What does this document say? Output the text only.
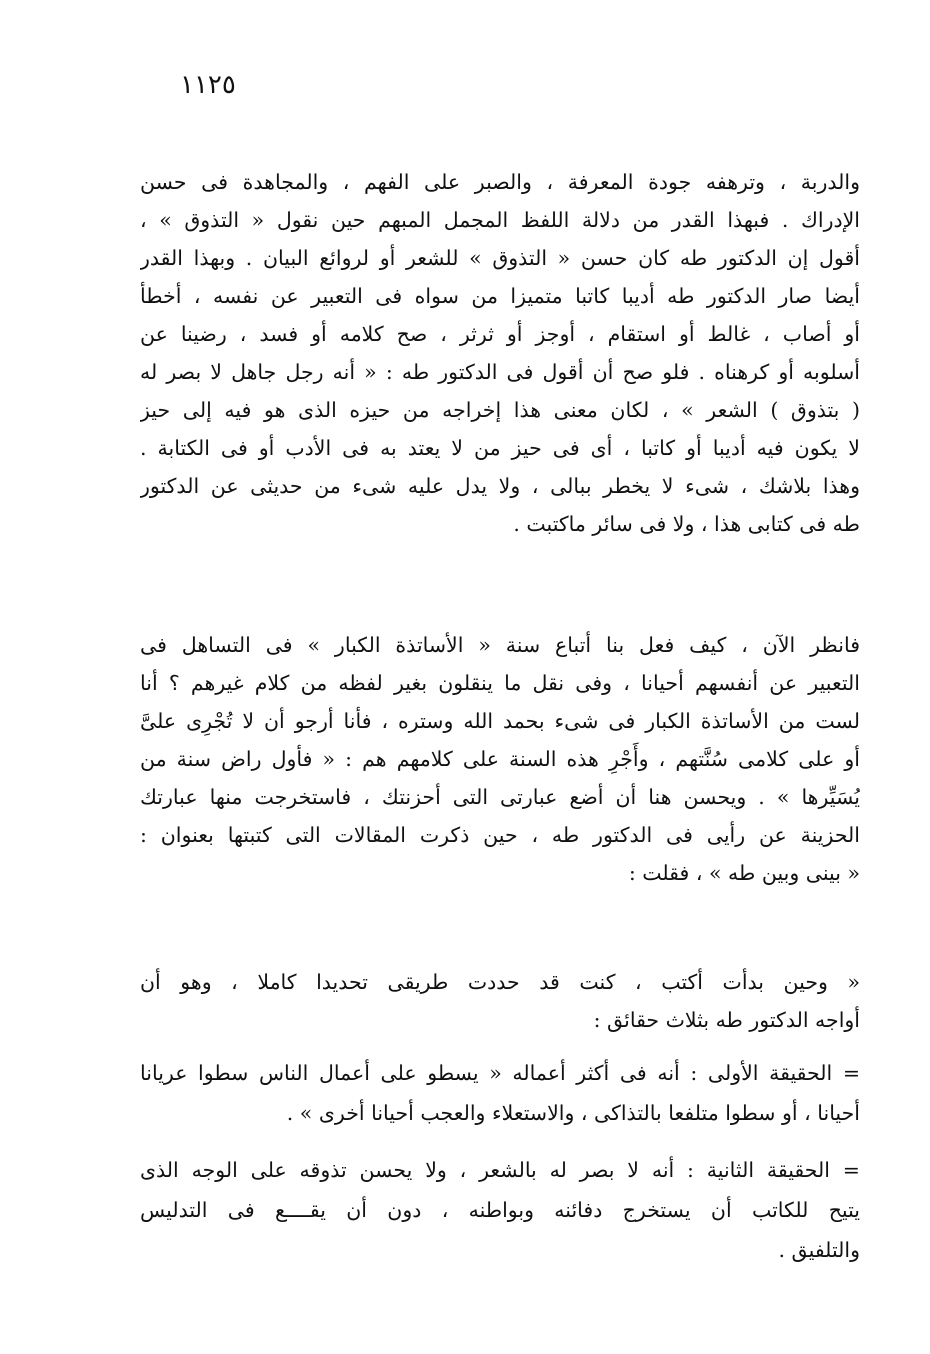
١١٢٥
والدربة ، وترهفه جودة المعرفة ، والصبر على الفهم ، والمجاهدة فى حسن
الإدراك . فبهذا القدر من دلالة اللفظ المجمل المبهم حين نقول « التذوق » ،
أقول إن الدكتور طه كان حسن « التذوق » للشعر أو لروائع البيان . وبهذا القدر
أيضا صار الدكتور طه أديبا كاتبا متميزا من سواه فى التعبير عن نفسه ، أخطأ
أو أصاب ، غالط أو استقام ، أوجز أو ثرثر ، صح كلامه أو فسد ، رضينا عن
أسلوبه أو كرهناه . فلو صح أن أقول فى الدكتور طه : « أنه رجل جاهل لا بصر له
( بتذوق ) الشعر » ، لكان معنى هذا إخراجه من حيزه الذى هو فيه إلى حيز
لا يكون فيه أديبا أو كاتبا ، أى فى حيز من لا يعتد به فى الأدب أو فى الكتابة .
وهذا بلاشك ، شىء لا يخطر ببالى ، ولا يدل عليه شىء من حديثى عن الدكتور
طه فى كتابى هذا ، ولا فى سائر ماكتبت .
فانظر الآن ، كيف فعل بنا أتباع سنة « الأساتذة الكبار » فى التساهل فى
التعبير عن أنفسهم أحيانا ، وفى نقل ما ينقلون بغير لفظه من كلام غيرهم ؟ أنا
لست من الأساتذة الكبار فى شىء بحمد الله وستره ، فأنا أرجو أن لا تُجْرِى علىَّ
أو على كلامى سُنَّتهم ، وأَجْرِ هذه السنة على كلامهم هم : « فأول راض سنة من
يُسَيِّرها » . ويحسن هنا أن أضع عبارتى التى أحزنتك ، فاستخرجت منها عبارتك
الحزينة عن رأيى فى الدكتور طه ، حين ذكرت المقالات التى كتبتها بعنوان :
« بينى وبين طه » ، فقلت :
« وحين بدأت أكتب ، كنت قد حددت طريقى تحديدا كاملا ، وهو أن
أواجه الدكتور طه بثلاث حقائق :
= الحقيقة الأولى : أنه فى أكثر أعماله « يسطو على أعمال الناس سطوا عريانا
أحيانا ، أو سطوا متلفعا بالتذاكى ، والاستعلاء والعجب أحيانا أخرى » .
= الحقيقة الثانية : أنه لا بصر له بالشعر ، ولا يحسن تذوقه على الوجه الذى
يتيح للكاتب أن يستخرج دفائنه وبواطنه ، دون أن يقــــع فى التدليس
والتلفيق .
